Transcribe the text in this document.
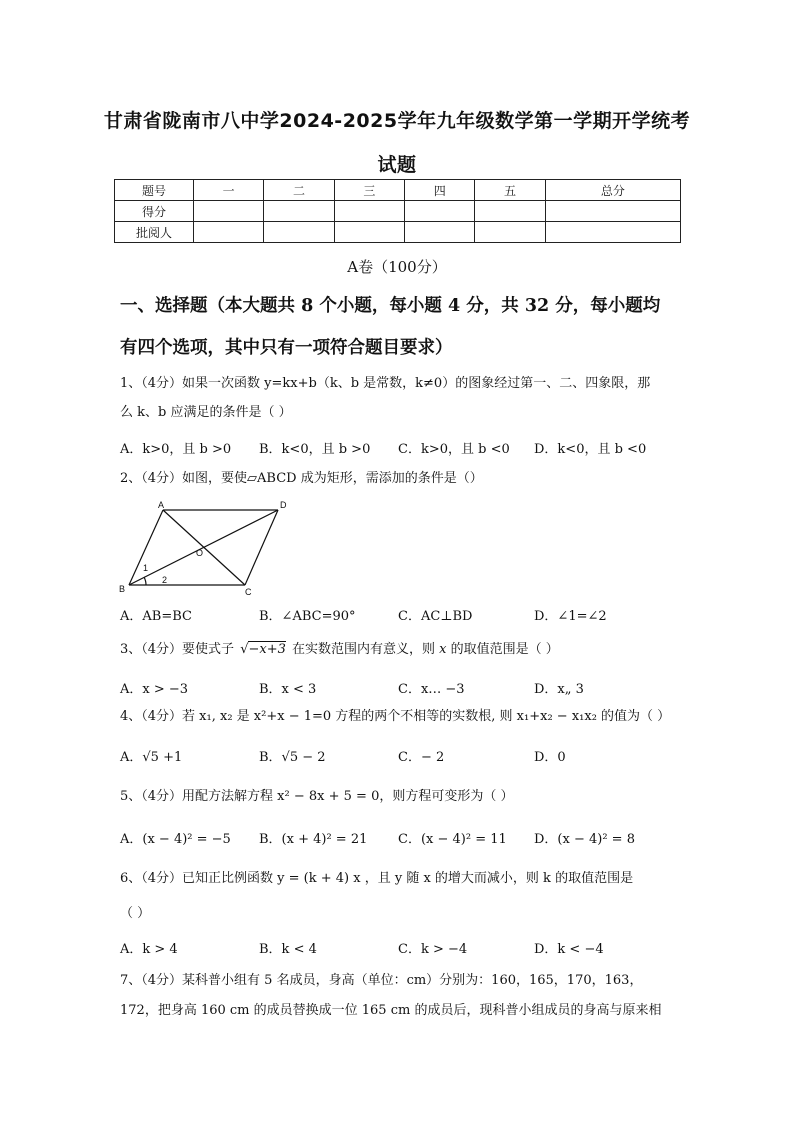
甘肃省陇南市八中学2024-2025学年九年级数学第一学期开学统考
试题
题号	一	二	三	四	五	总分
得分						
批阅人						
A卷（100分）
一、选择题（本大题共 8 个小题，每小题 4 分，共 32 分，每小题均
有四个选项，其中只有一项符合题目要求）
1、（4分）如果一次函数 y=kx+b（k、b 是常数，k≠0）的图象经过第一、二、四象限，那
么 k、b 应满足的条件是（ ）
A．k>0，且 b >0 B．k<0，且 b >0 C．k>0，且 b <0 D．k<0，且 b <0
2、（4分）如图，要使▱ABCD 成为矩形，需添加的条件是（）
A	D
O
B	C
1
2
A．AB=BC	B．∠ABC=90°	C．AC⊥BD	D．∠1=∠2
3、（4分）要使式子 √−x+3 在实数范围内有意义，则 x 的取值范围是（ ）
A．x > −3	B．x < 3	C．x… −3	D．x„ 3
4、（4分）若 x₁, x₂ 是 x²+x − 1=0 方程的两个不相等的实数根, 则 x₁+x₂ − x₁x₂ 的值为（ ）
A．√5 +1	B．√5 − 2	C．− 2	D．0
5、（4分）用配方法解方程 x² − 8x + 5 = 0，则方程可变形为（ ）
A．(x − 4)² = −5 B．(x + 4)² = 21 C．(x − 4)² = 11 D．(x − 4)² = 8
6、（4分）已知正比例函数 y = (k + 4) x ，且 y 随 x 的增大而减小，则 k 的取值范围是
（ ）
A．k > 4	B．k < 4	C．k > −4	D．k < −4
7、（4分）某科普小组有 5 名成员，身高（单位：cm）分别为：160，165，170，163，
172，把身高 160 cm 的成员替换成一位 165 cm 的成员后，现科普小组成员的身高与原来相
